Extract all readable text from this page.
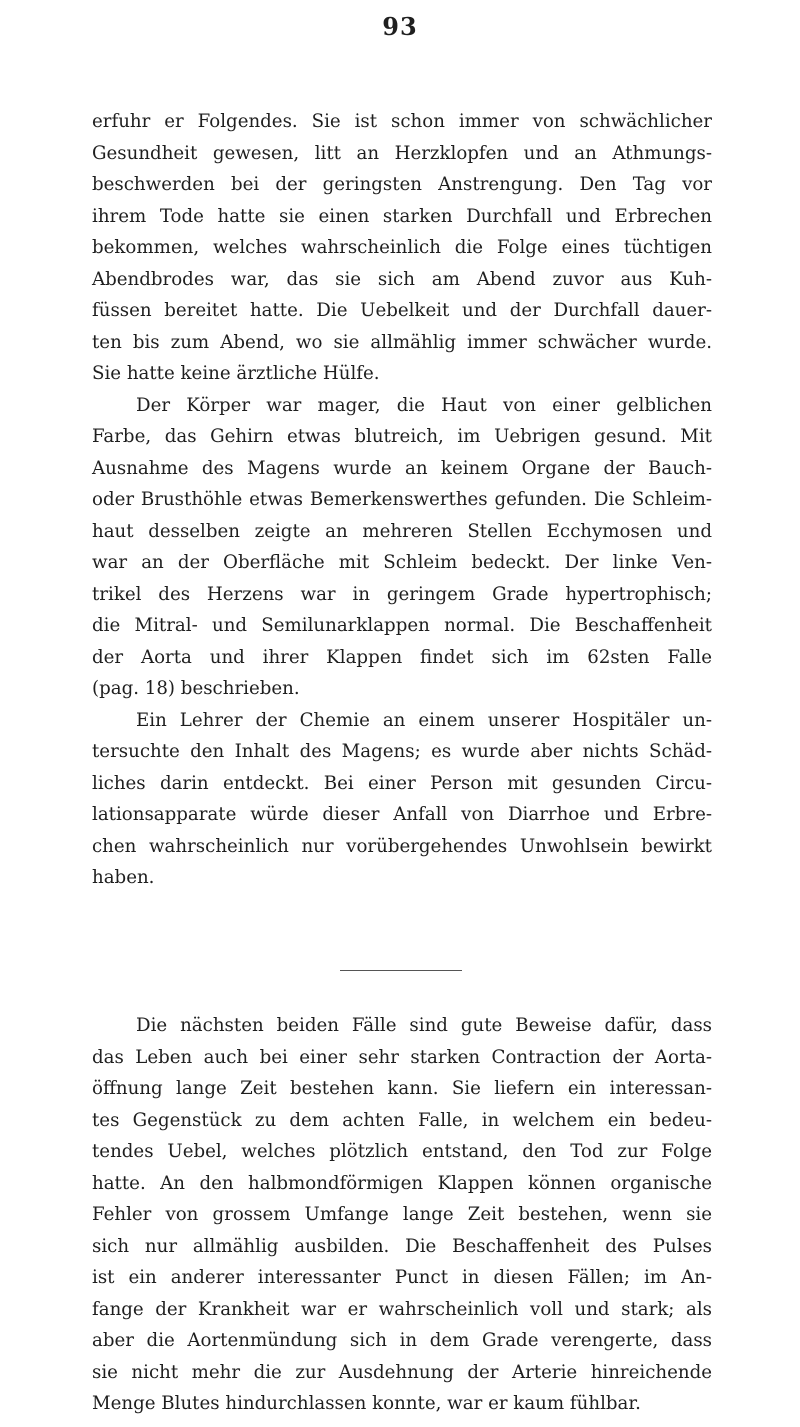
93
erfuhr er Folgendes. Sie ist schon immer von schwächlicher
Gesundheit gewesen, litt an Herzklopfen und an Athmungs-
beschwerden bei der geringsten Anstrengung. Den Tag vor
ihrem Tode hatte sie einen starken Durchfall und Erbrechen
bekommen, welches wahrscheinlich die Folge eines tüchtigen
Abendbrodes war, das sie sich am Abend zuvor aus Kuh-
füssen bereitet hatte. Die Uebelkeit und der Durchfall dauer-
ten bis zum Abend, wo sie allmählig immer schwächer wurde.
Sie hatte keine ärztliche Hülfe.
Der Körper war mager, die Haut von einer gelblichen
Farbe, das Gehirn etwas blutreich, im Uebrigen gesund. Mit
Ausnahme des Magens wurde an keinem Organe der Bauch-
oder Brusthöhle etwas Bemerkenswerthes gefunden. Die Schleim-
haut desselben zeigte an mehreren Stellen Ecchymosen und
war an der Oberfläche mit Schleim bedeckt. Der linke Ven-
trikel des Herzens war in geringem Grade hypertrophisch;
die Mitral- und Semilunarklappen normal. Die Beschaffenheit
der Aorta und ihrer Klappen findet sich im 62sten Falle
(pag. 18) beschrieben.
Ein Lehrer der Chemie an einem unserer Hospitäler un-
tersuchte den Inhalt des Magens; es wurde aber nichts Schäd-
liches darin entdeckt. Bei einer Person mit gesunden Circu-
lationsapparate würde dieser Anfall von Diarrhoe und Erbre-
chen wahrscheinlich nur vorübergehendes Unwohlsein bewirkt
haben.
Die nächsten beiden Fälle sind gute Beweise dafür, dass
das Leben auch bei einer sehr starken Contraction der Aorta-
öffnung lange Zeit bestehen kann. Sie liefern ein interessan-
tes Gegenstück zu dem achten Falle, in welchem ein bedeu-
tendes Uebel, welches plötzlich entstand, den Tod zur Folge
hatte. An den halbmondförmigen Klappen können organische
Fehler von grossem Umfange lange Zeit bestehen, wenn sie
sich nur allmählig ausbilden. Die Beschaffenheit des Pulses
ist ein anderer interessanter Punct in diesen Fällen; im An-
fange der Krankheit war er wahrscheinlich voll und stark; als
aber die Aortenmündung sich in dem Grade verengerte, dass
sie nicht mehr die zur Ausdehnung der Arterie hinreichende
Menge Blutes hindurchlassen konnte, war er kaum fühlbar.
